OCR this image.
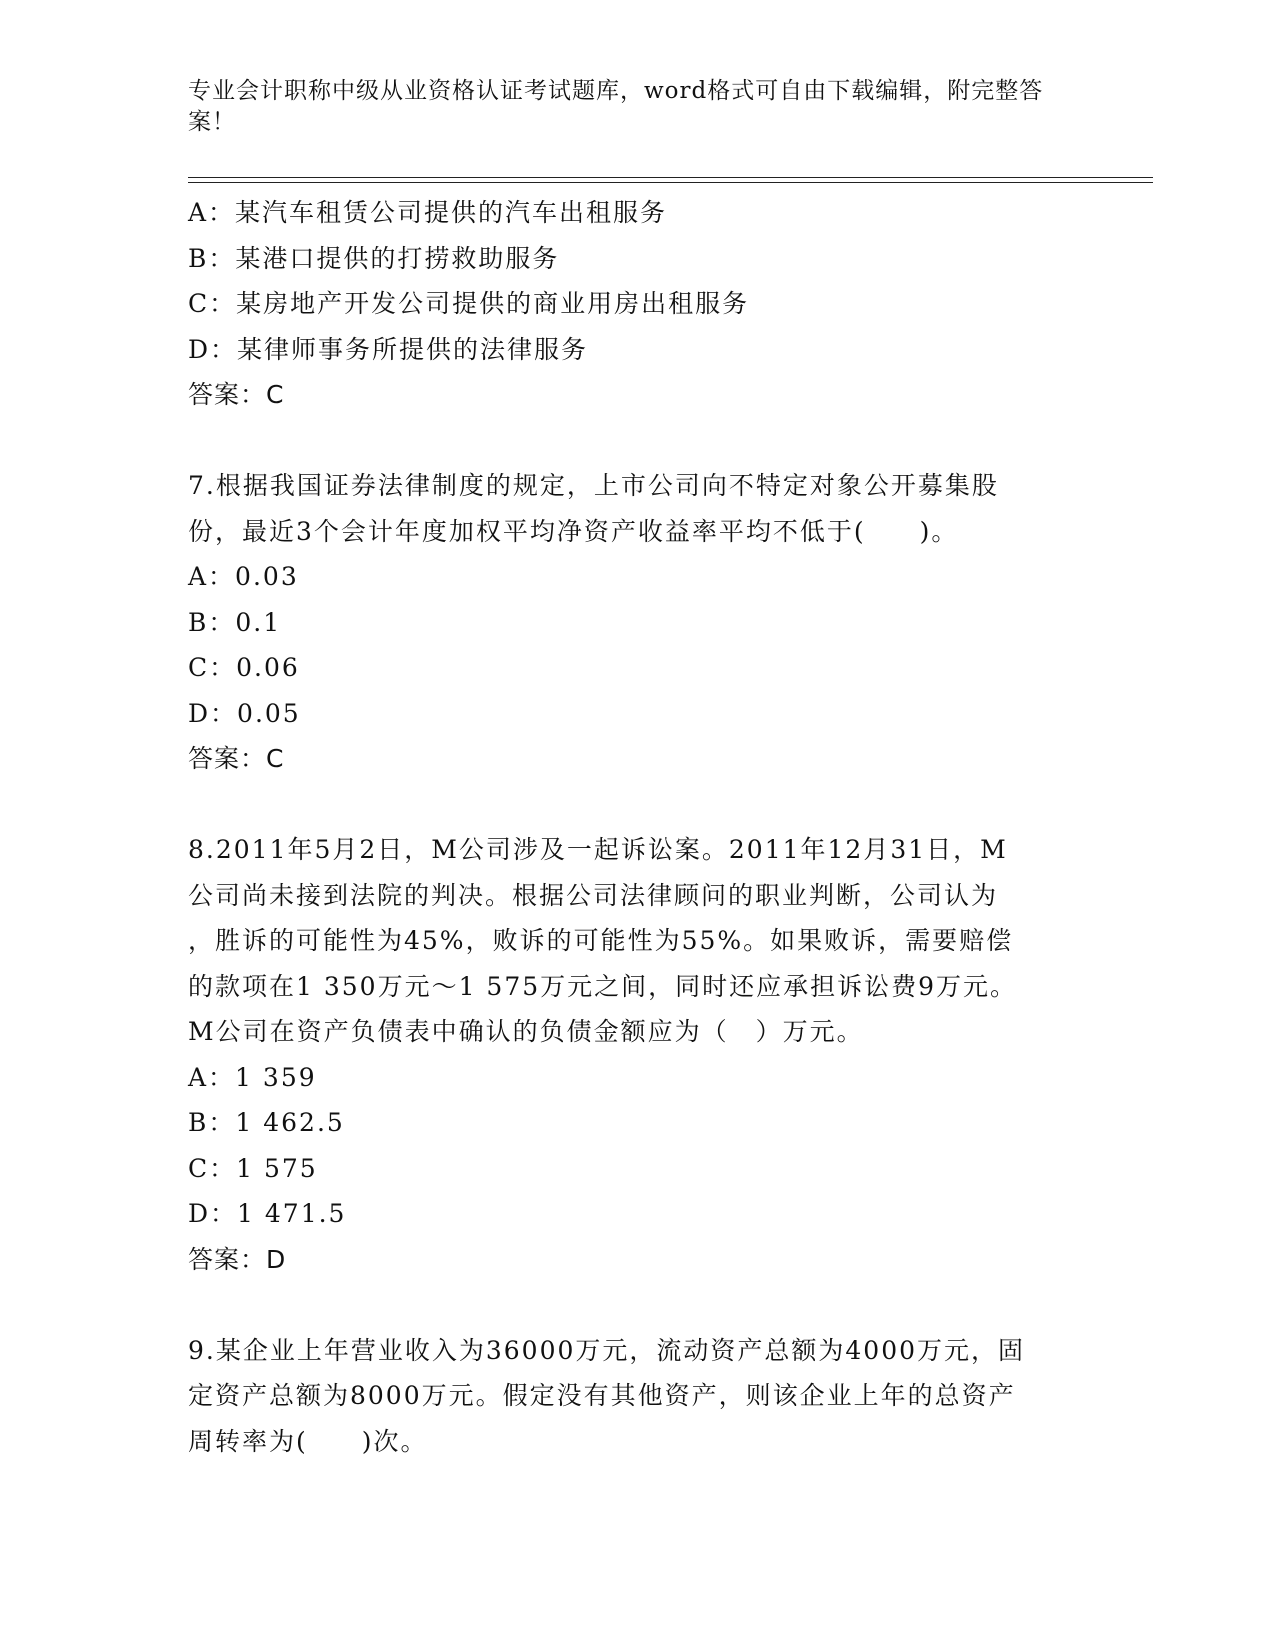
专业会计职称中级从业资格认证考试题库，word格式可自由下载编辑，附完整答案！
A：某汽车租赁公司提供的汽车出租服务
B：某港口提供的打捞救助服务
C：某房地产开发公司提供的商业用房出租服务
D：某律师事务所提供的法律服务
答案：C
7.根据我国证券法律制度的规定，上市公司向不特定对象公开募集股
份，最近3个会计年度加权平均净资产收益率平均不低于(　　)。
A：0.03
B：0.1
C：0.06
D：0.05
答案：C
8.2011年5月2日，M公司涉及一起诉讼案。2011年12月31日，M
公司尚未接到法院的判决。根据公司法律顾问的职业判断，公司认为
，胜诉的可能性为45%，败诉的可能性为55%。如果败诉，需要赔偿
的款项在1 350万元～1 575万元之间，同时还应承担诉讼费9万元。
M公司在资产负债表中确认的负债金额应为（　）万元。
A：1 359
B：1 462.5
C：1 575
D：1 471.5
答案：D
9.某企业上年营业收入为36000万元，流动资产总额为4000万元，固
定资产总额为8000万元。假定没有其他资产，则该企业上年的总资产
周转率为(　　)次。
